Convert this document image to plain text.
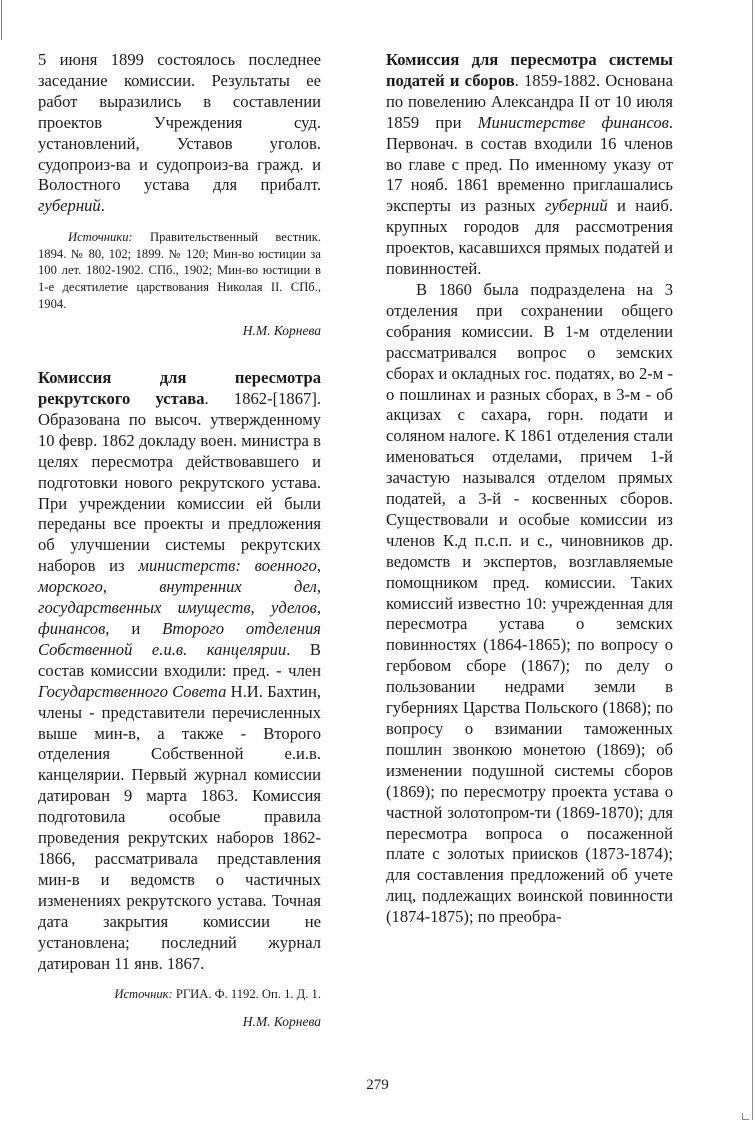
5 июня 1899 состоялось последнее заседание комиссии. Результаты ее работ выразились в составлении проектов Учреждения суд. установлений, Уставов уголов. судопроиз-ва и судопроиз-ва гражд. и Волостного устава для прибалт. губерний.

Источники: Правительственный вестник. 1894. № 80, 102; 1899. № 120; Мин-во юстиции за 100 лет. 1802-1902. СПб., 1902; Мин-во юстиции в 1-е десятилетие царствования Николая II. СПб., 1904.

Н.М. Корнева

Комиссия для пересмотра рекрутского устава. 1862-[1867]. Образована по высоч. утвержденному 10 февр. 1862 докладу воен. министра в целях пересмотра действовавшего и подготовки нового рекрутского устава. При учреждении комиссии ей были переданы все проекты и предложения об улучшении системы рекрутских наборов из министерств: военного, морского, внутренних дел, государственных имуществ, уделов, финансов, и Второго отделения Собственной е.и.в. канцелярии. В состав комиссии входили: пред. - член Государственного Совета Н.И. Бахтин, члены - представители перечисленных выше мин-в, а также - Второго отделения Собственной е.и.в. канцелярии. Первый журнал комиссии датирован 9 марта 1863. Комиссия подготовила особые правила проведения рекрутских наборов 1862-1866, рассматривала представления мин-в и ведомств о частичных изменениях рекрутского устава. Точная дата закрытия комиссии не установлена; последний журнал датирован 11 янв. 1867.

Источник: РГИА. Ф. 1192. Оп. 1. Д. 1.

Н.М. Корнева

Комиссия для пересмотра системы податей и сборов. 1859-1882. Основана по повелению Александра II от 10 июля 1859 при Министерстве финансов. Первонач. в состав входили 16 членов во главе с пред. По именному указу от 17 нояб. 1861 временно приглашались эксперты из разных губерний и наиб. крупных городов для рассмотрения проектов, касавшихся прямых податей и повинностей.

В 1860 была подразделена на 3 отделения при сохранении общего собрания комиссии. В 1-м отделении рассматривался вопрос о земских сборах и окладных гос. податях, во 2-м - о пошлинах и разных сборах, в 3-м - об акцизах с сахара, горн. подати и соляном налоге. К 1861 отделения стали именоваться отделами, причем 1-й зачастую назывался отделом прямых податей, а 3-й - косвенных сборов. Существовали и особые комиссии из членов К.д п.с.п. и с., чиновников др. ведомств и экспертов, возглавляемые помощником пред. комиссии. Таких комиссий известно 10: учрежденная для пересмотра устава о земских повинностях (1864-1865); по вопросу о гербовом сборе (1867); по делу о пользовании недрами земли в губерниях Царства Польского (1868); по вопросу о взимании таможенных пошлин звонкою монетою (1869); об изменении подушной системы сборов (1869); по пересмотру проекта устава о частной золотопром-ти (1869-1870); для пересмотра вопроса о посаженной плате с золотых приисков (1873-1874); для составления предложений об учете лиц, подлежащих воинской повинности (1874-1875); по преобра-

279
